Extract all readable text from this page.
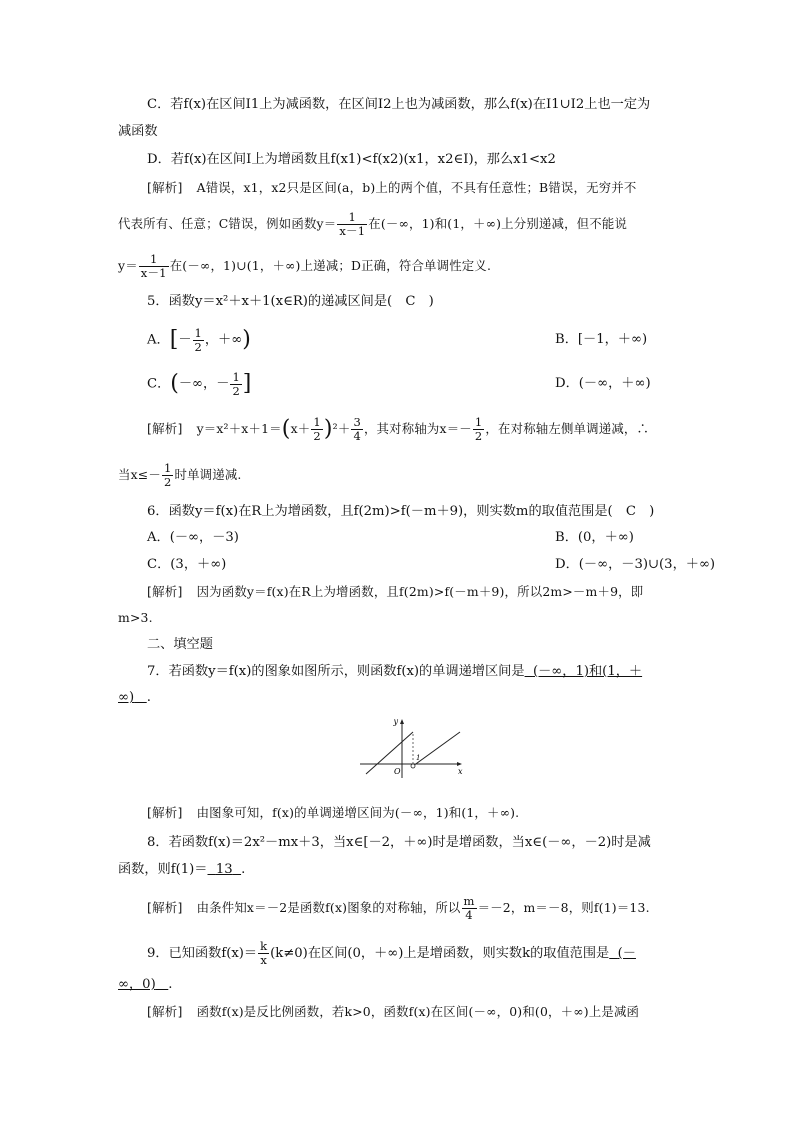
C．若f(x)在区间I1上为减函数，在区间I2上也为减函数，那么f(x)在I1∪I2上也一定为
减函数
D．若f(x)在区间I上为增函数且f(x1)<f(x2)(x1，x2∈I)，那么x1<x2
[解析] A错误，x1，x2只是区间(a，b)上的两个值，不具有任意性；B错误，无穷并不
代表所有、任意；C错误，例如函数$y= \frac{1}{x-1}$ 在(－∞，1)和(1，＋∞)上分别递减，但不能说
$y= \frac{1}{x-1}$ 在(－∞，1)∪(1，＋∞)上递减；D正确，符合单调性定义.
5．函数y＝x²＋x＋1(x∈R)的递减区间是(　C　)
A．[－ $\frac{1}{2}$ ，＋∞)	B．[－1，＋∞)
C．(－∞，－ $\frac{1}{2}$ ]	D．(－∞，＋∞)
[解析] $y=x^2+x+1=(x+ \frac{1}{2} )^2+ \frac{3}{4}$ ，其对称轴为$x=- \frac{1}{2}$ ，在对称轴左侧单调递减，∴
当$x\le- \frac{1}{2}$ 时单调递减.
6．函数y＝f(x)在R上为增函数，且f(2m)>f(－m＋9)，则实数m的取值范围是(　C　)
A．(－∞，－3)	B．(0，＋∞)
C．(3，＋∞)	D．(－∞，－3)∪(3，＋∞)
[解析] 因为函数y＝f(x)在R上为增函数，且f(2m)>f(－m＋9)，所以2m>－m＋9，即
m>3.
二、填空题
7．若函数y＝f(x)的图象如图所示，则函数f(x)的单调递增区间是 (－∞，1)和(1，＋
∞) .
y
x
O
1
[解析] 由图象可知，f(x)的单调递增区间为(－∞，1)和(1，＋∞).
8．若函数f(x)＝2x²－mx＋3，当x∈[－2，＋∞)时是增函数，当x∈(－∞，－2)时是减
函数，则f(1)＝ 13 .
[解析] 由条件知x＝－2是函数f(x)图象的对称轴，所以 $\frac{m}{4} =-2$，m＝－8，则f(1)＝13.
9．已知函数$f(x)= \frac{k}{x} (k\ne 0)$在区间(0，＋∞)上是增函数，则实数k的取值范围是 (－
∞，0) .
[解析] 函数f(x)是反比例函数，若k>0，函数f(x)在区间(－∞，0)和(0，＋∞)上是减函
